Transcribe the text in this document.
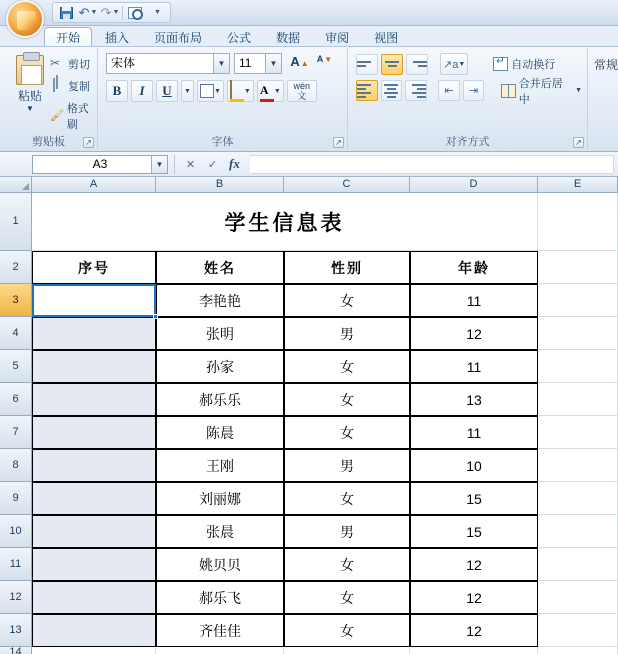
↶ ▼ ↷ ▼	▼
开始	插入	页面布局	公式	数据	审阅	视图
粘贴
▼
✂
剪切
复制
🖌
格式刷
剪贴板	↗
宋体	▼	11	▼ A ▲ A ▼
B	I	U	▼	▼	▼ A ▼ wén
文
字体	↗
↗a ▼ ↵	自动换行
⇤	⇥
合并后居中
▼
对齐方式	↗
常规
A3	▼	✕ ✓ fx
A	B	C	D	E
1
2
3
4
5
6
7
8
9
10
11
12
13
14
学生信息表
序号	姓名	性别	年龄
李艳艳	女	11
张明	男	12
孙家	女	11
郝乐乐	女	13
陈晨	女	11
王刚	男	10
刘丽娜	女	15
张晨	男	15
姚贝贝	女	12
郝乐飞	女	12
齐佳佳	女	12
